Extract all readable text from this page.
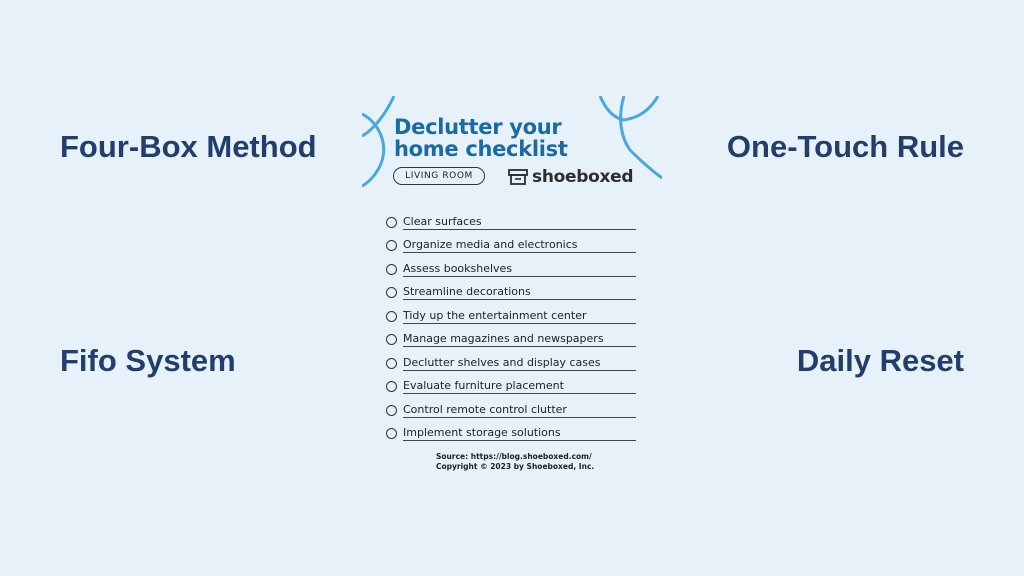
Four-Box Method	One-Touch Rule
Fifo System	Daily Reset
Declutter your
home checklist
LIVING ROOM	shoeboxed
Clear surfaces
Organize media and electronics
Assess bookshelves
Streamline decorations
Tidy up the entertainment center
Manage magazines and newspapers
Declutter shelves and display cases
Evaluate furniture placement
Control remote control clutter
Implement storage solutions
Source: https://blog.shoeboxed.com/
Copyright © 2023 by Shoeboxed, Inc.
